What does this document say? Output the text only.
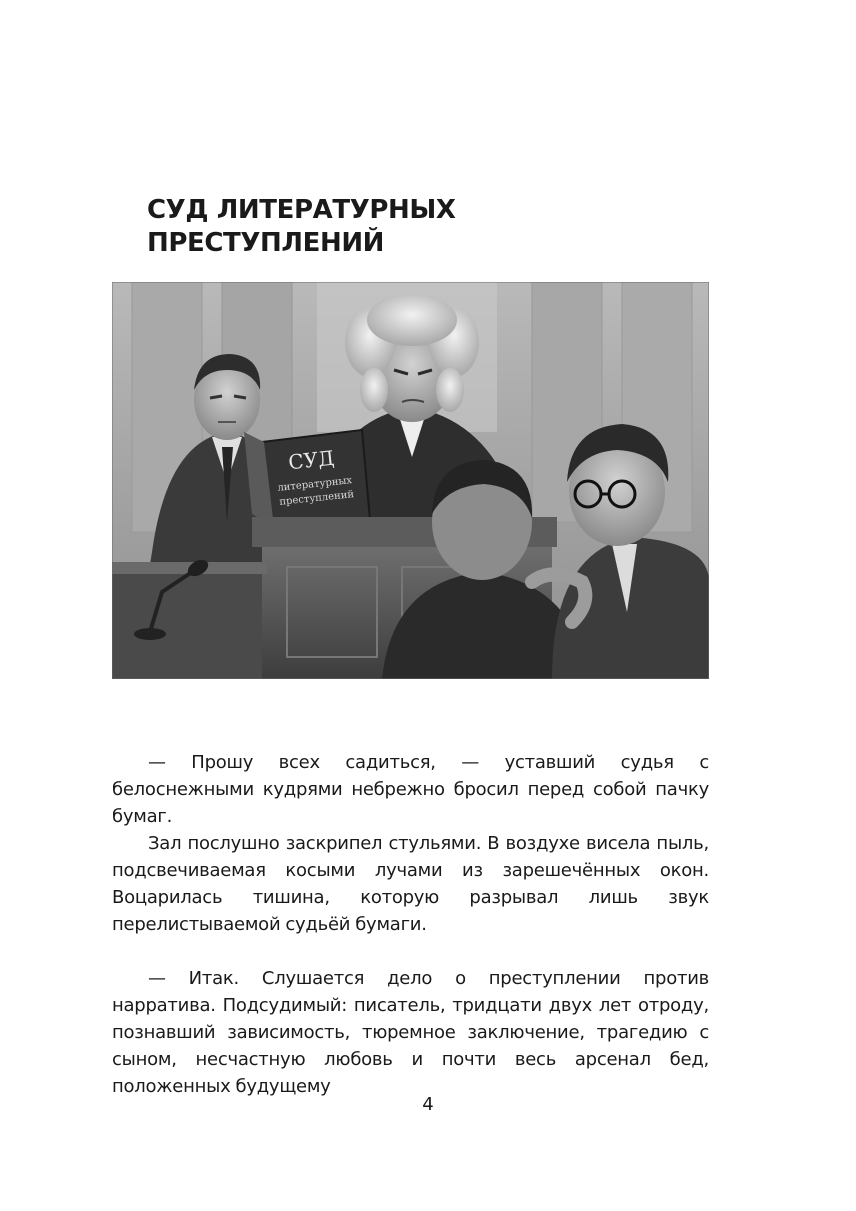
СУД ЛИТЕРАТУРНЫХ
ПРЕСТУПЛЕНИЙ
СУД
литературных
преступлений

— Прошу всех садиться, — уставший судья с белоснежными кудрями небрежно бросил перед собой пачку бумаг.

Зал послушно заскрипел стульями. В воздухе висела пыль, подсвечиваемая косыми лучами из зарешечённых окон. Воцарилась тишина, которую разрывал лишь звук перелистываемой судьёй бумаги.

— Итак. Слушается дело о преступлении против нарратива. Подсудимый: писатель, тридцати двух лет отроду, познавший зависимость, тюремное заключение, трагедию с сыном, несчастную любовь и почти весь арсенал бед, положенных будущему

4
